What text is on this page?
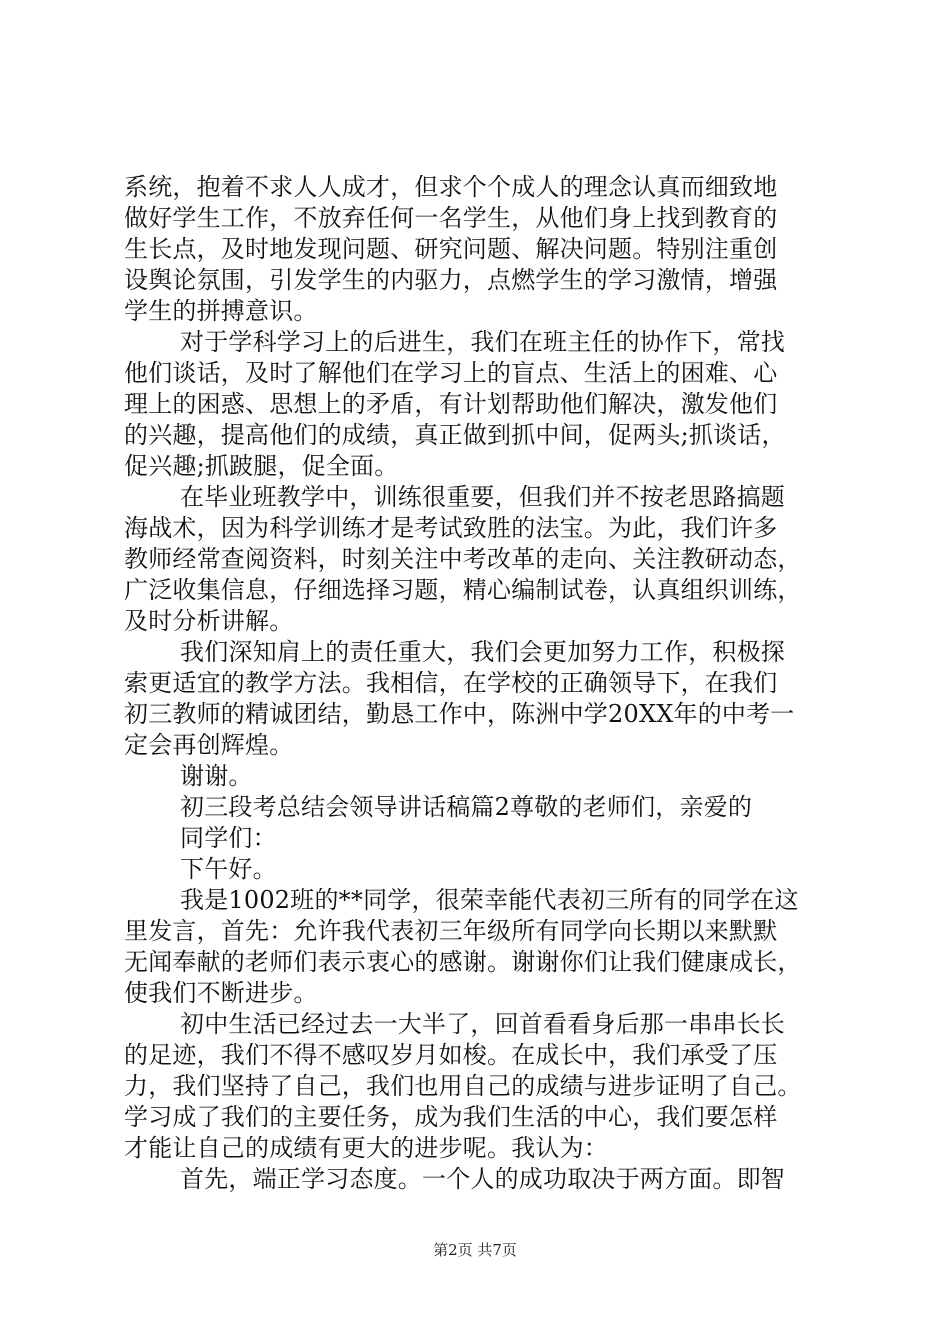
系统，抱着不求人人成才，但求个个成人的理念认真而细致地
做好学生工作，不放弃任何一名学生，从他们身上找到教育的
生长点，及时地发现问题、研究问题、解决问题。特别注重创
设舆论氛围，引发学生的内驱力，点燃学生的学习激情，增强
学生的拼搏意识。
对于学科学习上的后进生，我们在班主任的协作下，常找
他们谈话，及时了解他们在学习上的盲点、生活上的困难、心
理上的困惑、思想上的矛盾，有计划帮助他们解决，激发他们
的兴趣，提高他们的成绩，真正做到抓中间，促两头;抓谈话，
促兴趣;抓跛腿，促全面。
在毕业班教学中，训练很重要，但我们并不按老思路搞题
海战术，因为科学训练才是考试致胜的法宝。为此，我们许多
教师经常查阅资料，时刻关注中考改革的走向、关注教研动态，
广泛收集信息，仔细选择习题，精心编制试卷，认真组织训练，
及时分析讲解。
我们深知肩上的责任重大，我们会更加努力工作，积极探
索更适宜的教学方法。我相信，在学校的正确领导下，在我们
初三教师的精诚团结，勤恳工作中，陈洲中学20XX年的中考一
定会再创辉煌。
谢谢。
初三段考总结会领导讲话稿篇2尊敬的老师们，亲爱的
同学们：
下午好。
我是1002班的**同学，很荣幸能代表初三所有的同学在这
里发言，首先：允许我代表初三年级所有同学向长期以来默默
无闻奉献的老师们表示衷心的感谢。谢谢你们让我们健康成长，
使我们不断进步。
初中生活已经过去一大半了，回首看看身后那一串串长长
的足迹，我们不得不感叹岁月如梭。在成长中，我们承受了压
力，我们坚持了自己，我们也用自己的成绩与进步证明了自己。
学习成了我们的主要任务，成为我们生活的中心，我们要怎样
才能让自己的成绩有更大的进步呢。我认为：
首先，端正学习态度。一个人的成功取决于两方面。即智
第2页 共7页
